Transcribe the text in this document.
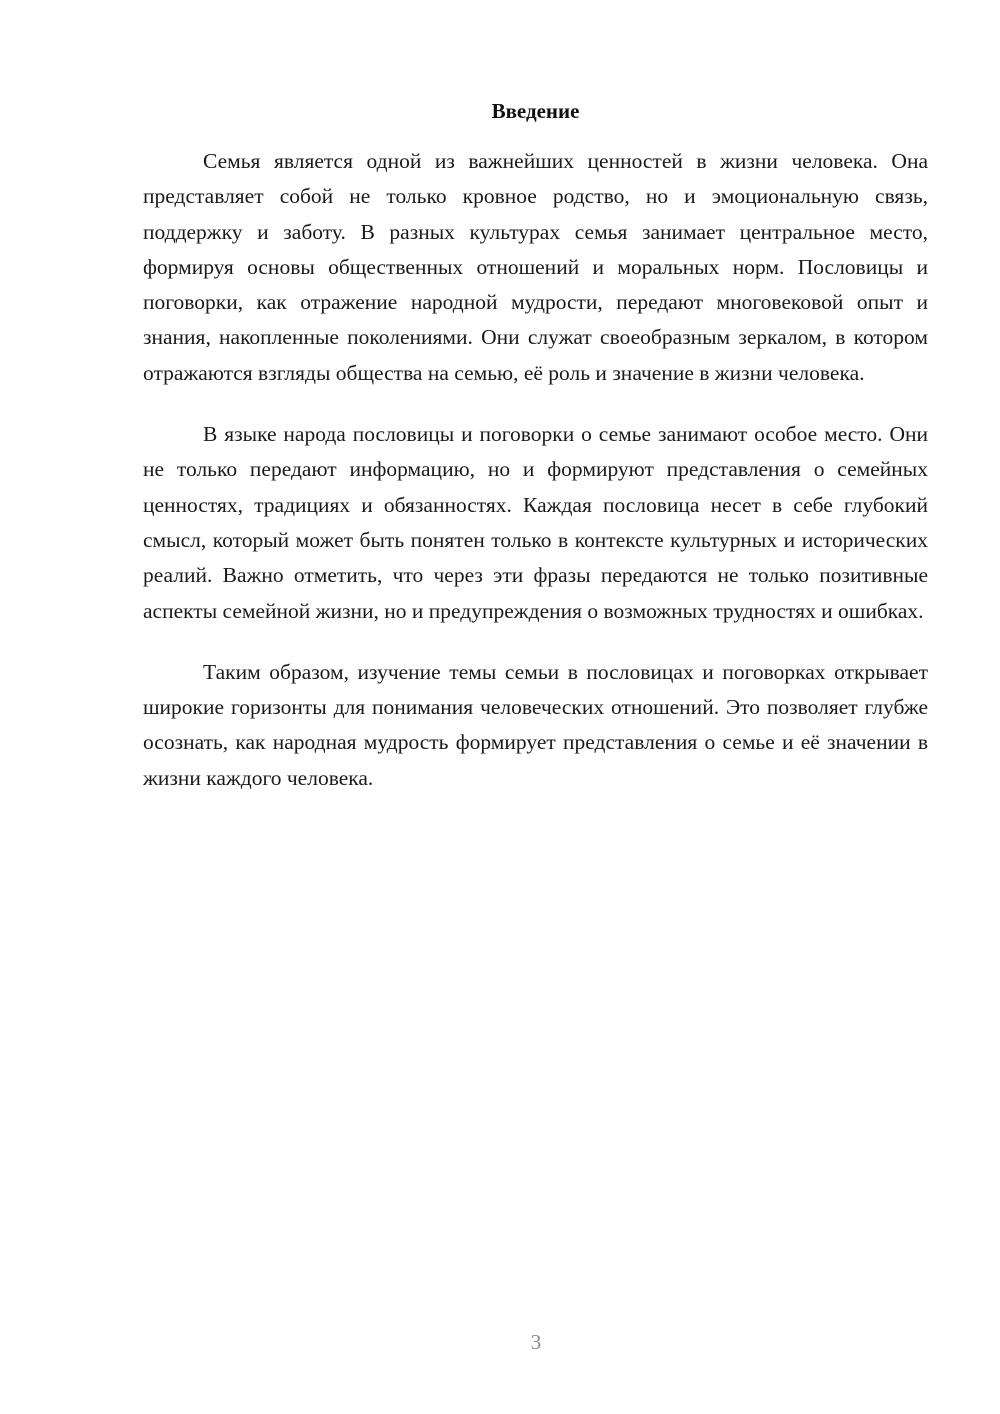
Введение

Семья является одной из важнейших ценностей в жизни человека. Она представляет собой не только кровное родство, но и эмоциональную связь, поддержку и заботу. В разных культурах семья занимает центральное место, формируя основы общественных отношений и моральных норм. Пословицы и поговорки, как отражение народной мудрости, передают многовековой опыт и знания, накопленные поколениями. Они служат своеобразным зеркалом, в котором отражаются взгляды общества на семью, её роль и значение в жизни человека.

В языке народа пословицы и поговорки о семье занимают особое место. Они не только передают информацию, но и формируют представления о семейных ценностях, традициях и обязанностях. Каждая пословица несет в себе глубокий смысл, который может быть понятен только в контексте культурных и исторических реалий. Важно отметить, что через эти фразы передаются не только позитивные аспекты семейной жизни, но и предупреждения о возможных трудностях и ошибках.

Таким образом, изучение темы семьи в пословицах и поговорках открывает широкие горизонты для понимания человеческих отношений. Это позволяет глубже осознать, как народная мудрость формирует представления о семье и её значении в жизни каждого человека.

3
